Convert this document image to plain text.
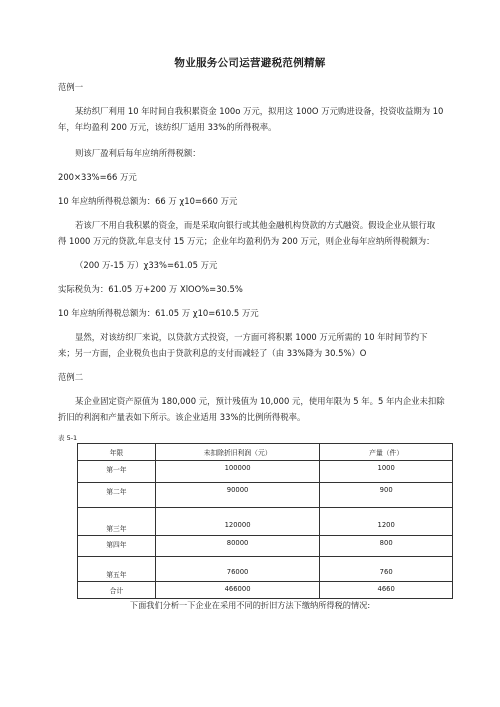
物业服务公司运营避税范例精解
范例一
某纺织厂利用 10 年时间自我积累资金 100o 万元，拟用这 100O 万元购进设备，投资收益期为 10
年，年均盈利 200 万元，该纺织厂适用 33%的所得税率。
则该厂盈利后每年应纳所得税额：
200×33%=66 万元
10 年应纳所得税总额为：66 万 χ10=660 万元
若该厂不用自我积累的资金，而是采取向银行或其他金融机构贷款的方式融资。假设企业从银行取
得 1000 万元的贷款,年息支付 15 万元；企业年均盈利仍为 200 万元，则企业每年应纳所得税额为：
（200 万-15 万）χ33%=61.05 万元
实际税负为：61.05 万+200 万 XlOO%=30.5%
10 年应纳所得税总额为：61.05 万 χ10=610.5 万元
显然，对该纺织厂来说，以贷款方式投资，一方面可将积累 1000 万元所需的 10 年时间节约下
来；另一方面，企业税负也由于贷款利息的支付而减轻了（由 33%降为 30.5%）O
范例二
某企业固定资产原值为 180,000 元，预计残值为 10,000 元，使用年限为 5 年。5 年内企业未扣除
折旧的利润和产量表如下所示。该企业适用 33%的比例所得税率。
表 5-1
年限	未扣除折旧利润（元）	产量（件）
第一年	100000	1000
第二年	90000	900
第三年	120000	1200
第四年	80000	800
第五年	76000	760
合计	466000	4660
下面我们分析一下企业在采用不同的折旧方法下缴纳所得税的情况:
